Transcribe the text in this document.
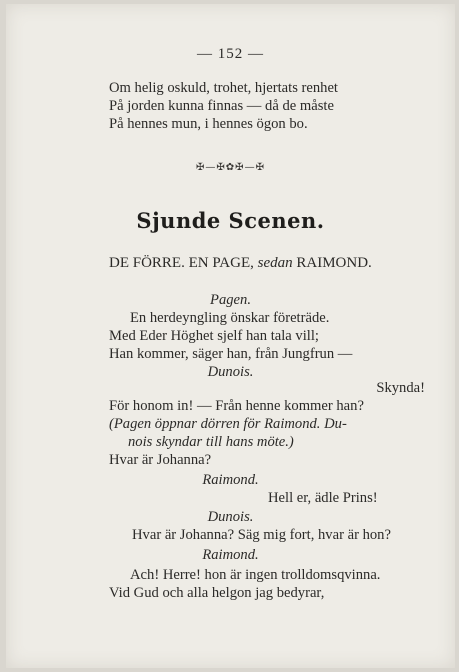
— 152 —
Om helig oskuld, trohet, hjertats renhet
På jorden kunna finnas — då de måste
På hennes mun, i hennes ögon bo.
✠—✠✿✠—✠
Sjunde Scenen.
DE FÖRRE. EN PAGE, sedan RAIMOND.
Pagen.
En herdeyngling önskar företräde.
Med Eder Höghet sjelf han tala vill;
Han kommer, säger han, från Jungfrun —
Dunois.
Skynda!
För honom in! — Från henne kommer han?
(Pagen öppnar dörren för Raimond. Du-
nois skyndar till hans möte.)
Hvar är Johanna?
Raimond.
Hell er, ädle Prins!
Dunois.
Hvar är Johanna? Säg mig fort, hvar är hon?
Raimond.
Ach! Herre! hon är ingen trolldomsqvinna.
Vid Gud och alla helgon jag bedyrar,
